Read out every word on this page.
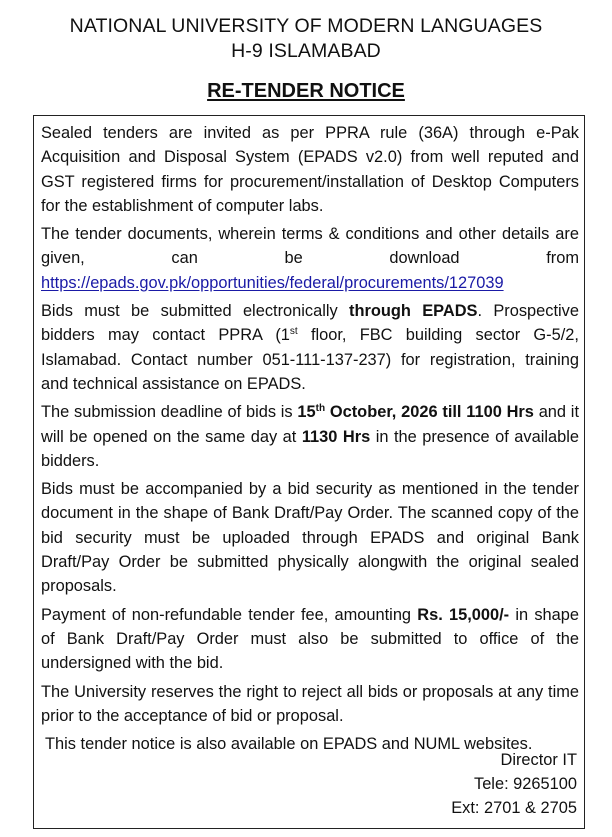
NATIONAL UNIVERSITY OF MODERN LANGUAGES
H-9 ISLAMABAD
RE-TENDER NOTICE

Sealed tenders are invited as per PPRA rule (36A) through e-Pak Acquisition and Disposal System (EPADS v2.0) from well reputed and GST registered firms for procurement/installation of Desktop Computers for the establishment of computer labs.

The tender documents, wherein terms & conditions and other details are given, can be download from https://epads.gov.pk/opportunities/federal/procurements/127039

Bids must be submitted electronically through EPADS. Prospective bidders may contact PPRA (1st floor, FBC building sector G-5/2, Islamabad. Contact number 051-111-137-237) for registration, training and technical assistance on EPADS.

The submission deadline of bids is 15th October, 2026 till 1100 Hrs and it will be opened on the same day at 1130 Hrs in the presence of available bidders.

Bids must be accompanied by a bid security as mentioned in the tender document in the shape of Bank Draft/Pay Order. The scanned copy of the bid security must be uploaded through EPADS and original Bank Draft/Pay Order be submitted physically alongwith the original sealed proposals.

Payment of non-refundable tender fee, amounting Rs. 15,000/- in shape of Bank Draft/Pay Order must also be submitted to office of the undersigned with the bid.

The University reserves the right to reject all bids or proposals at any time prior to the acceptance of bid or proposal.

This tender notice is also available on EPADS and NUML websites.

Director IT
Tele: 9265100
Ext: 2701 & 2705
